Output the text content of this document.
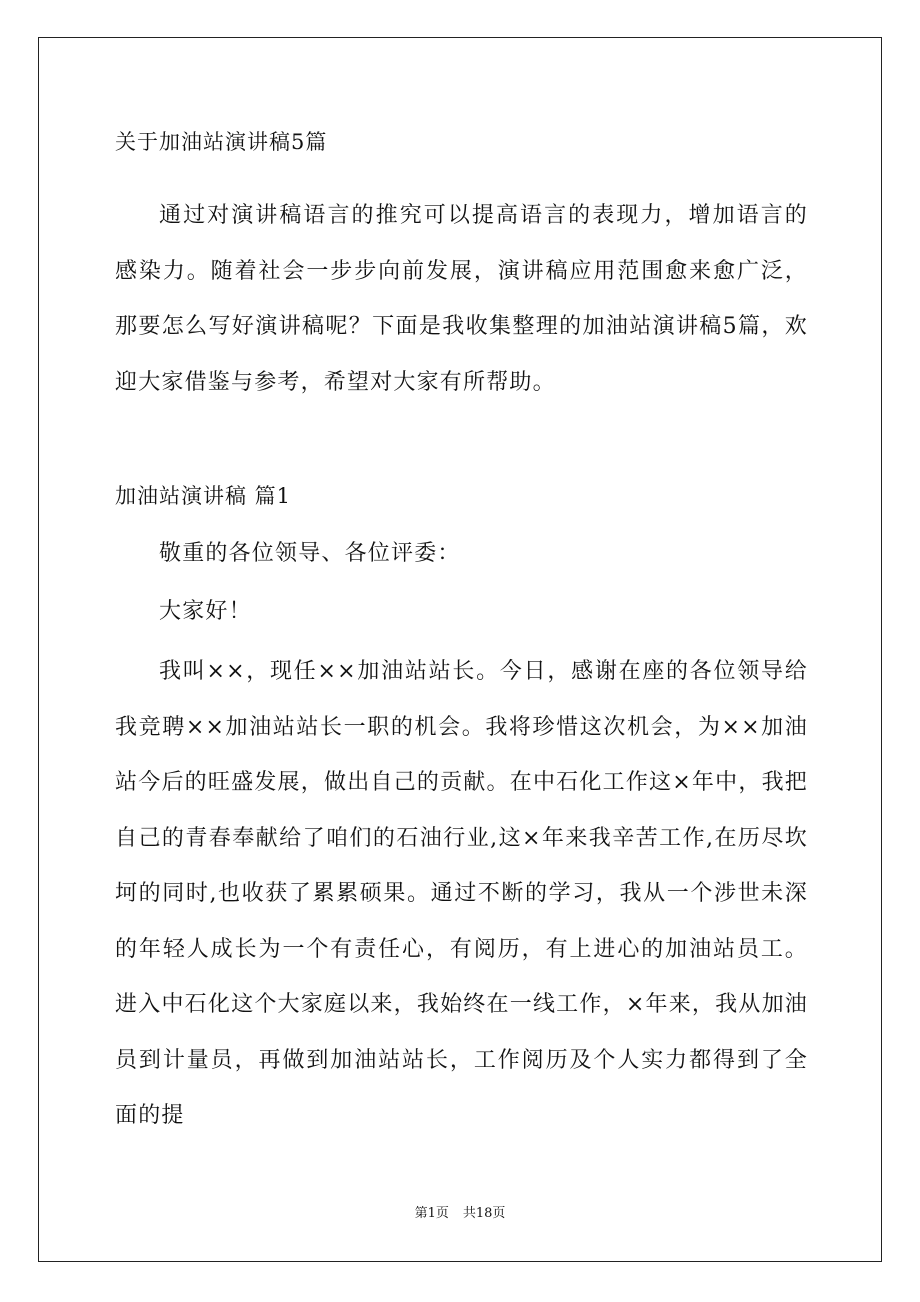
关于加油站演讲稿5篇

通过对演讲稿语言的推究可以提高语言的表现力，增加语言的感染力。随着社会一步步向前发展，演讲稿应用范围愈来愈广泛，那要怎么写好演讲稿呢？下面是我收集整理的加油站演讲稿5篇，欢迎大家借鉴与参考，希望对大家有所帮助。

加油站演讲稿 篇1

敬重的各位领导、各位评委：

大家好！

我叫××，现任××加油站站长。今日，感谢在座的各位领导给我竞聘××加油站站长一职的机会。我将珍惜这次机会，为××加油站今后的旺盛发展，做出自己的贡献。在中石化工作这×年中，我把自己的青春奉献给了咱们的石油行业,这×年来我辛苦工作,在历尽坎坷的同时,也收获了累累硕果。通过不断的学习，我从一个涉世未深的年轻人成长为一个有责任心，有阅历，有上进心的加油站员工。进入中石化这个大家庭以来，我始终在一线工作，×年来，我从加油员到计量员，再做到加油站站长，工作阅历及个人实力都得到了全面的提

第1页 共18页
